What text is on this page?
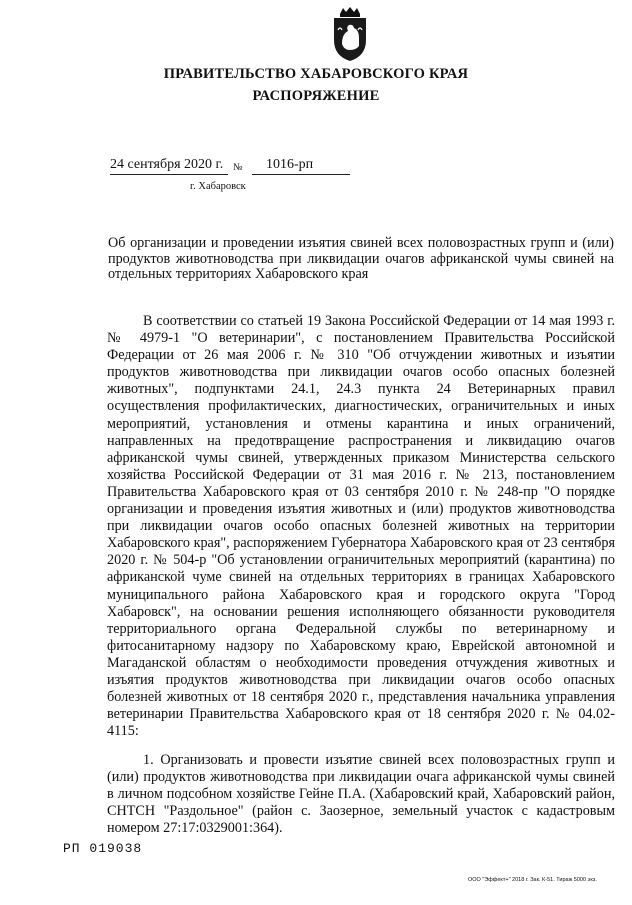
ПРАВИТЕЛЬСТВО ХАБАРОВСКОГО КРАЯ
РАСПОРЯЖЕНИЕ
24 сентября 2020 г. № 1016-рп
г. Хабаровск
Об организации и проведении изъятия свиней всех половозрастных групп и (или) продуктов животноводства при ликвидации очагов африканской чумы свиней на отдельных территориях Хабаровского края

В соответствии со статьей 19 Закона Российской Федерации от 14 мая 1993 г. № 4979-1 "О ветеринарии", с постановлением Правительства Российской Федерации от 26 мая 2006 г. № 310 "Об отчуждении животных и изъятии продуктов животноводства при ликвидации очагов особо опасных болезней животных", подпунктами 24.1, 24.3 пункта 24 Ветеринарных правил осуществления профилактических, диагностических, ограничительных и иных мероприятий, установления и отмены карантина и иных ограничений, направленных на предотвращение распространения и ликвидацию очагов африканской чумы свиней, утвержденных приказом Министерства сельского хозяйства Российской Федерации от 31 мая 2016 г. № 213, постановлением Правительства Хабаровского края от 03 сентября 2010 г. № 248-пр "О порядке организации и проведения изъятия животных и (или) продуктов животноводства при ликвидации очагов особо опасных болезней животных на территории Хабаровского края", распоряжением Губернатора Хабаровского края от 23 сентября 2020 г. № 504-р "Об установлении ограничительных мероприятий (карантина) по африканской чуме свиней на отдельных территориях в границах Хабаровского муниципального района Хабаровского края и городского округа "Город Хабаровск", на основании решения исполняющего обязанности руководителя территориального органа Федеральной службы по ветеринарному и фитосанитарному надзору по Хабаровскому краю, Еврейской автономной и Магаданской областям о необходимости проведения отчуждения животных и изъятия продуктов животноводства при ликвидации очагов особо опасных болезней животных от 18 сентября 2020 г., представления начальника управления ветеринарии Правительства Хабаровского края от 18 сентября 2020 г. № 04.02-4115:

1. Организовать и провести изъятие свиней всех половозрастных групп и (или) продуктов животноводства при ликвидации очага африканской чумы свиней в личном подсобном хозяйстве Гейне П.А. (Хабаровский край, Хабаровский район, СНТСН "Раздольное" (район с. Заозерное, земельный участок с кадастровым номером 27:17:0329001:364).

РП 019038
ООО "Эффект+" 2018 г. Зак. К-51. Тираж 5000 экз.
